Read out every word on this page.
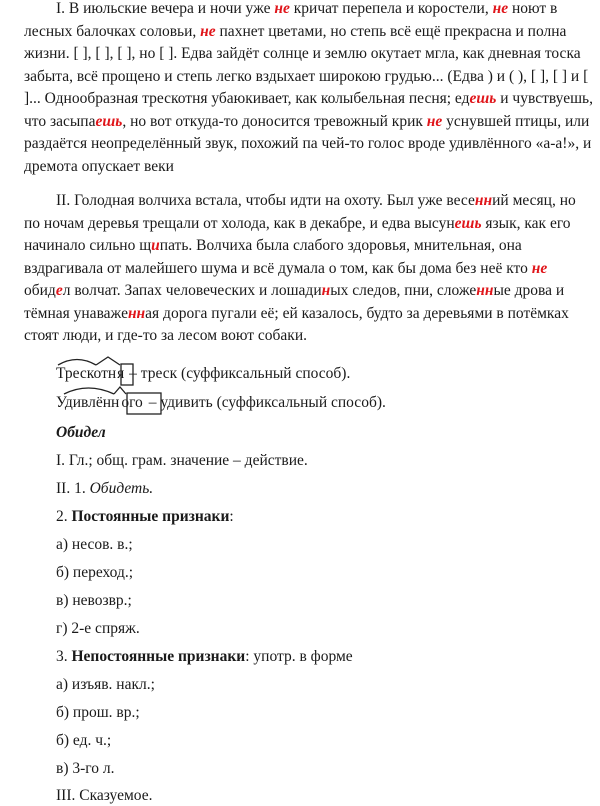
I. В июльские вечера и ночи уже не кричат перепела и коростели, не ноют в лесных балочках соловьи, не пахнет цветами, но степь всё ещё прекрасна и полна жизни. [ ], [ ], [ ], но [ ]. Едва зайдёт солнце и землю окутает мгла, как дневная тоска забыта, всё прощено и степь легко вздыхает широкою грудью... (Едва ) и ( ), [ ], [ ] и [ ]... Однообразная трескотня убаюкивает, как колыбельная песня; едешь и чувствуешь, что засыпаешь, но вот откуда-то доносится тревожный крик не уснувшей птицы, или раздаётся неопределённый звук, похожий па чей-то голос вроде удивлённого «а-а!», и дремота опускает веки

II. Голодная волчиха встала, чтобы идти на охоту. Был уже весенний месяц, но по ночам деревья трещали от холода, как в декабре, и едва высунешь язык, как его начинало сильно щипать. Волчиха была слабого здоровья, мнительная, она вздрагивала от малейшего шума и всё думала о том, как бы дома без неё кто не обидел волчат. Запах человеческих и лошадиных следов, пни, сложенные дрова и тёмная унаваженная дорога пугали её; ей казалось, будто за деревьями в потёмках стоят люди, и где-то за лесом воют собаки.

Трескотня – треск (суффиксальный способ).
Удивлённ ого – удивить (суффиксальный способ).
Обидел
I. Гл.; общ. грам. значение – действие.
II. 1. Обидеть.
2. Постоянные признаки:
а) несов. в.;
б) переход.;
в) невозвр.;
г) 2-е спряж.
3. Непостоянные признаки: употр. в форме
а) изъяв. накл.;
б) прош. вр.;
б) ед. ч.;
в) 3-го л.
III. Сказуемое.
